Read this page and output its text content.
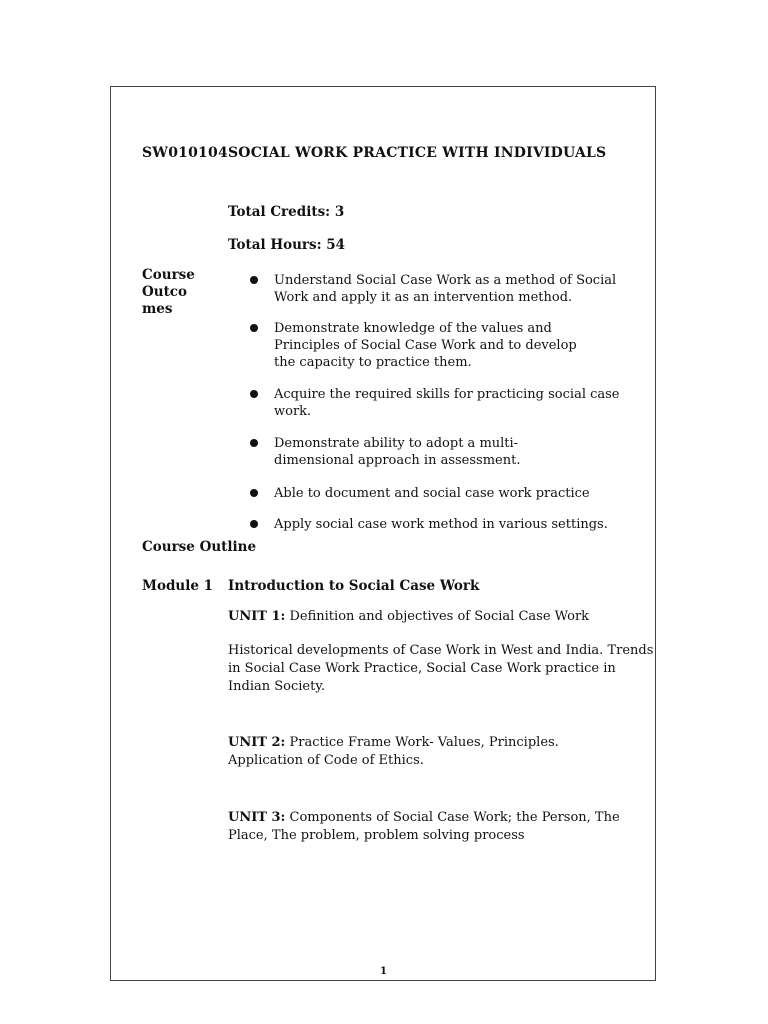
SW010104 SOCIAL WORK PRACTICE WITH INDIVIDUALS
Total Credits: 3
Total Hours: 54
Course
Outco
mes
Understand Social Case Work as a method of Social
Work and apply it as an intervention method.
Demonstrate knowledge of the values and
Principles of Social Case Work and to develop
the capacity to practice them.
Acquire the required skills for practicing social case
work.
Demonstrate ability to adopt a multi-
dimensional approach in assessment.
Able to document and social case work practice
Apply social case work method in various settings.
Course Outline
Module 1 Introduction to Social Case Work
UNIT 1: Definition and objectives of Social Case Work
Historical developments of Case Work in West and India. Trends
in Social Case Work Practice, Social Case Work practice in
Indian Society.
UNIT 2: Practice Frame Work- Values, Principles.
Application of Code of Ethics.
UNIT 3: Components of Social Case Work; the Person, The
Place, The problem, problem solving process
1
